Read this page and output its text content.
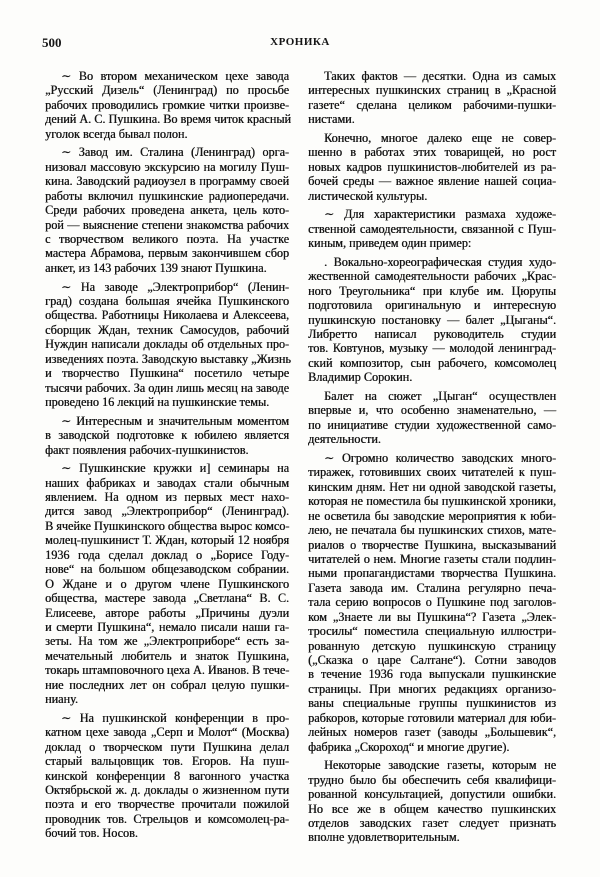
500	ХРОНИКА
∼ Во втором механическом цехе завода
„Русский Дизель“ (Ленинград) по просьбе
рабочих проводились громкие читки произве-
дений А. С. Пушкина. Во время читок красный
уголок всегда бывал полон.
∼ Завод им. Сталина (Ленинград) орга-
низовал массовую экскурсию на могилу Пуш-
кина. Заводский радиоузел в программу своей
работы включил пушкинские радиопередачи.
Среди рабочих проведена анкета, цель кото-
рой — выяснение степени знакомства рабочих
с творчеством великого поэта. На участке
мастера Абрамова, первым закончившем сбор
анкет, из 143 рабочих 139 знают Пушкина.
∼ На заводе „Электроприбор“ (Ленин-
град) создана большая ячейка Пушкинского
общества. Работницы Николаева и Алексеева,
сборщик Ждан, техник Самосудов, рабочий
Нуждин написали доклады об отдельных про-
изведениях поэта. Заводскую выставку „Жизнь
и творчество Пушкина“ посетило четыре
тысячи рабочих. За один лишь месяц на заводе
проведено 16 лекций на пушкинские темы.
∼ Интересным и значительным моментом
в заводской подготовке к юбилею является
факт появления рабочих-пушкинистов.
∼ Пушкинские кружки и] семинары на
наших фабриках и заводах стали обычным
явлением. На одном из первых мест нахо-
дится завод „Электроприбор“ (Ленинград).
В ячейке Пушкинского общества вырос комсо-
молец-пушкинист Т. Ждан, который 12 ноября
1936 года сделал доклад о „Борисе Году-
нове“ на большом общезаводском собрании.
О Ждане и о другом члене Пушкинского
общества, мастере завода „Светлана“ В. С.
Елисееве, авторе работы „Причины дуэли
и смерти Пушкина“, немало писали наши га-
зеты. На том же „Электроприборе“ есть за-
мечательный любитель и знаток Пушкина,
токарь штамповочного цеха А. Иванов. В тече-
ние последних лет он собрал целую пушки-
ниану.
∼ На пушкинской конференции в про-
катном цехе завода „Серп и Молот“ (Москва)
доклад о творческом пути Пушкина делал
старый вальцовщик тов. Егоров. На пуш-
кинской конференции 8 вагонного участка
Октябрьской ж. д. доклады о жизненном пути
поэта и его творчестве прочитали пожилой
проводник тов. Стрельцов и комсомолец-ра-
бочий тов. Носов.
Таких фактов — десятки. Одна из самых
интересных пушкинских страниц в „Красной
газете“ сделана целиком рабочими-пушки-
нистами.
Конечно, многое далеко еще не совер-
шенно в работах этих товарищей, но рост
новых кадров пушкинистов-любителей из ра-
бочей среды — важное явление нашей социа-
листической культуры.
∼ Для характеристики размаха художе-
ственной самодеятельности, связанной с Пуш-
киным, приведем один пример:
. Вокально-хореографическая студия худо-
жественной самодеятельности рабочих „Крас-
ного Треугольника“ при клубе им. Цюрупы
подготовила оригинальную и интересную
пушкинскую постановку — балет „Цыганы“.
Либретто написал руководитель студии
тов. Ковтунов, музыку — молодой ленинград-
ский композитор, сын рабочего, комсомолец
Владимир Сорокин.
Балет на сюжет „Цыган“ осуществлен
впервые и, что особенно знаменательно, —
по инициативе студии художественной само-
деятельности.
∼ Огромно количество заводских много-
тиражек, готовивших своих читателей к пуш-
кинским дням. Нет ни одной заводской газеты,
которая не поместила бы пушкинской хроники,
не осветила бы заводские мероприятия к юби-
лею, не печатала бы пушкинских стихов, мате-
риалов о творчестве Пушкина, высказываний
читателей о нем. Многие газеты стали подлин-
ными пропагандистами творчества Пушкина.
Газета завода им. Сталина регулярно печа-
тала серию вопросов о Пушкине под заголов-
ком „Знаете ли вы Пушкина“? Газета „Элек-
тросилы“ поместила специальную иллюстри-
рованную детскую пушкинскую страницу
(„Сказка о царе Салтане“). Сотни заводов
в течение 1936 года выпускали пушкинские
страницы. При многих редакциях организо-
ваны специальные группы пушкинистов из
рабкоров, которые готовили материал для юби-
лейных номеров газет (заводы „Большевик“,
фабрика „Скороход“ и многие другие).
Некоторые заводские газеты, которым не
трудно было бы обеспечить себя квалифици-
рованной консультацией, допустили ошибки.
Но все же в общем качество пушкинских
отделов заводских газет следует признать
вполне удовлетворительным.
